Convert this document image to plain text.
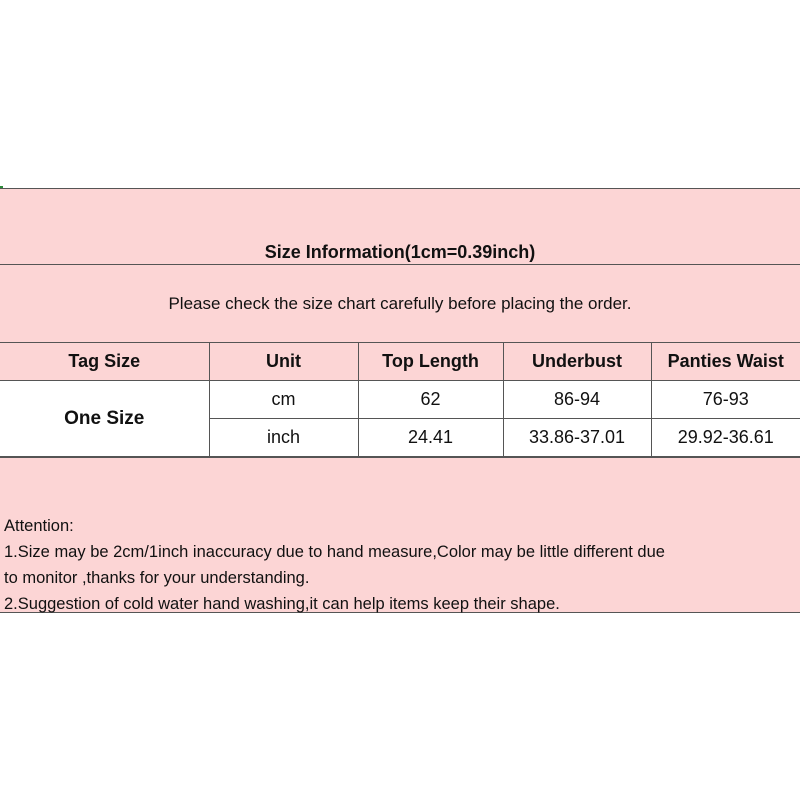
Size Information(1cm=0.39inch)
Please check the size chart carefully before placing the order.
Tag Size	Unit	Top Length	Underbust	Panties Waist
One Size	cm	62	86-94	76-93
	inch	24.41	33.86-37.01	29.92-36.61
Attention:
1.Size may be 2cm/1inch inaccuracy due to hand measure,Color may be little different due
to monitor ,thanks for your understanding.
2.Suggestion of cold water hand washing,it can help items keep their shape.
